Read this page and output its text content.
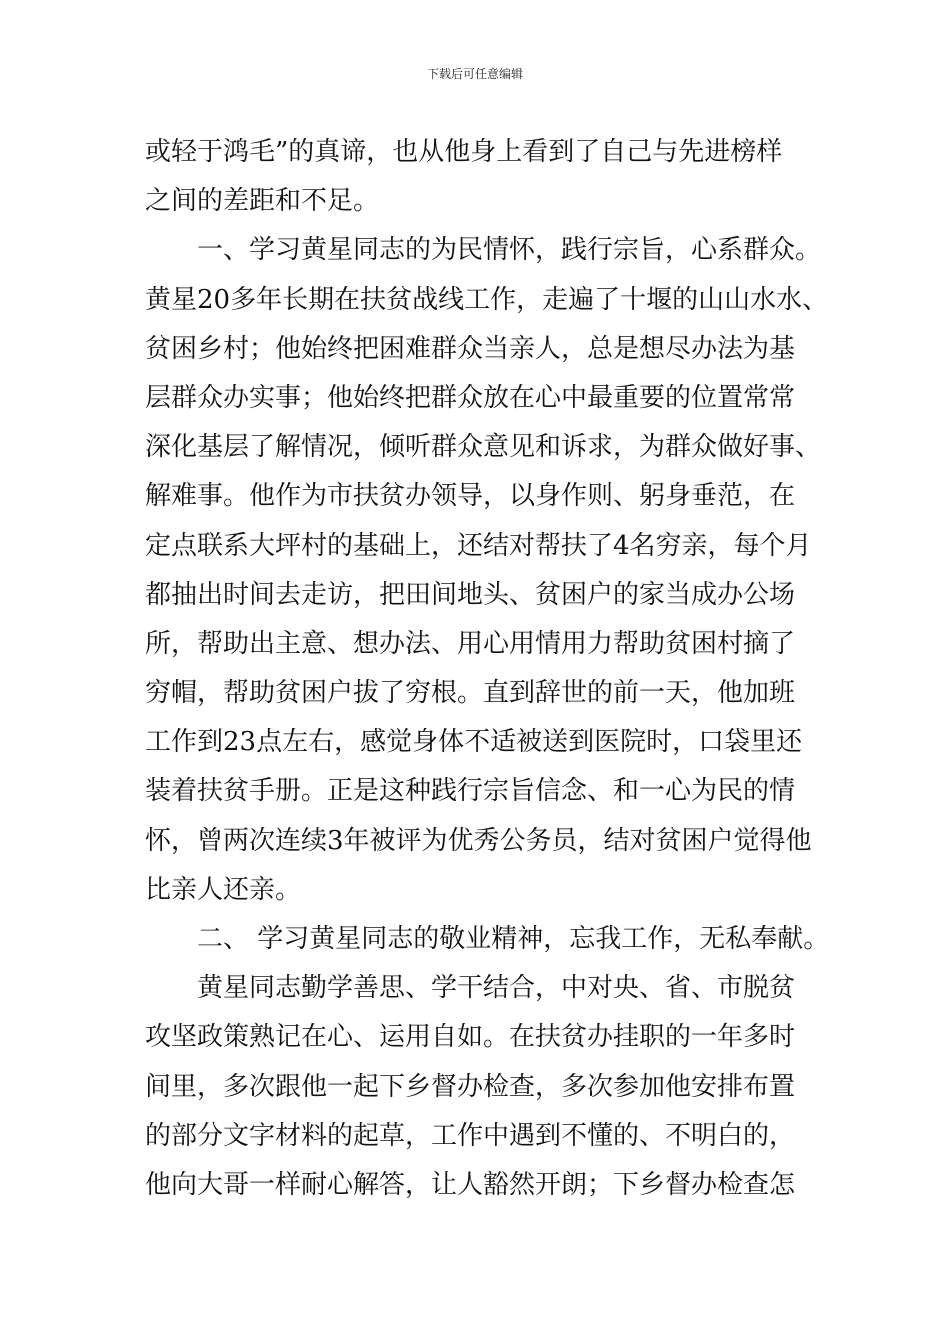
下载后可任意编辑
或轻于鸿毛”的真谛，也从他身上看到了自己与先进榜样
之间的差距和不足。
　　一、学习黄星同志的为民情怀，践行宗旨，心系群众。
黄星20多年长期在扶贫战线工作，走遍了十堰的山山水水、
贫困乡村；他始终把困难群众当亲人，总是想尽办法为基
层群众办实事；他始终把群众放在心中最重要的位置常常
深化基层了解情况，倾听群众意见和诉求，为群众做好事、
解难事。他作为市扶贫办领导，以身作则、躬身垂范，在
定点联系大坪村的基础上，还结对帮扶了4名穷亲，每个月
都抽出时间去走访，把田间地头、贫困户的家当成办公场
所，帮助出主意、想办法、用心用情用力帮助贫困村摘了
穷帽，帮助贫困户拔了穷根。直到辞世的前一天，他加班
工作到23点左右，感觉身体不适被送到医院时，口袋里还
装着扶贫手册。正是这种践行宗旨信念、和一心为民的情
怀，曾两次连续3年被评为优秀公务员，结对贫困户觉得他
比亲人还亲。
　　二、 学习黄星同志的敬业精神，忘我工作，无私奉献。
　　黄星同志勤学善思、学干结合，中对央、省、市脱贫
攻坚政策熟记在心、运用自如。在扶贫办挂职的一年多时
间里，多次跟他一起下乡督办检查，多次参加他安排布置
的部分文字材料的起草，工作中遇到不懂的、不明白的，
他向大哥一样耐心解答，让人豁然开朗；下乡督办检查怎
